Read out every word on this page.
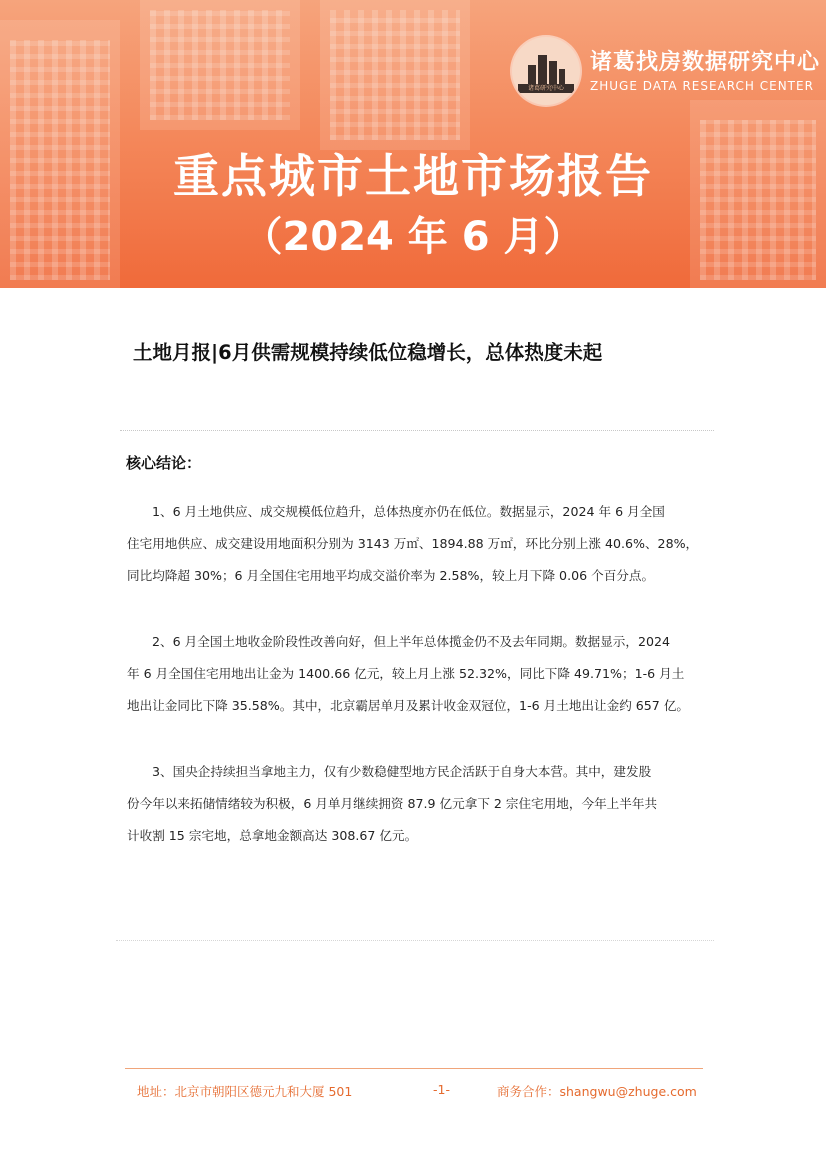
诸葛研究中心
诸葛找房数据研究中心
ZHUGE DATA RESEARCH CENTER
重点城市土地市场报告
（2024 年 6 月）
土地月报|6月供需规模持续低位稳增长，总体热度未起
核心结论：
1、6 月土地供应、成交规模低位趋升，总体热度亦仍在低位。数据显示，2024 年 6 月全国
住宅用地供应、成交建设用地面积分别为 3143 万㎡、1894.88 万㎡，环比分别上涨 40.6%、28%，
同比均降超 30%；6 月全国住宅用地平均成交溢价率为 2.58%，较上月下降 0.06 个百分点。
2、6 月全国土地收金阶段性改善向好，但上半年总体揽金仍不及去年同期。数据显示，2024
年 6 月全国住宅用地出让金为 1400.66 亿元，较上月上涨 52.32%，同比下降 49.71%；1-6 月土
地出让金同比下降 35.58%。其中，北京霸居单月及累计收金双冠位，1-6 月土地出让金约 657 亿。
3、国央企持续担当拿地主力，仅有少数稳健型地方民企活跃于自身大本营。其中，建发股
份今年以来拓储情绪较为积极，6 月单月继续拥资 87.9 亿元拿下 2 宗住宅用地，今年上半年共
计收割 15 宗宅地，总拿地金额高达 308.67 亿元。
地址：北京市朝阳区德元九和大厦 501	-1-	商务合作：shangwu@zhuge.com
